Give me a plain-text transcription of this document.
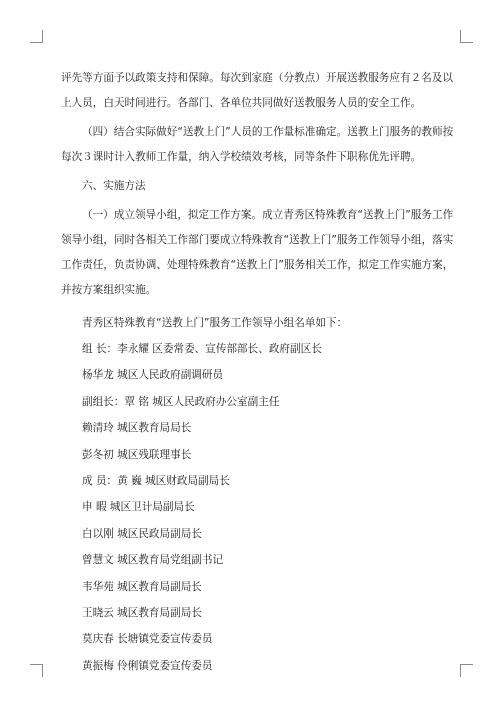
评先等方面予以政策支持和保障。每次到家庭（分教点）开展送教服务应有２名及以

上人员，白天时间进行。各部门、各单位共同做好送教服务人员的安全工作。

（四）结合实际做好“送教上门”人员的工作量标准确定。送教上门服务的教师按

每次３课时计入教师工作量，纳入学校绩效考核，同等条件下职称优先评聘。

六、实施方法

（一）成立领导小组，拟定工作方案。成立青秀区特殊教育“送教上门”服务工作

领导小组，同时各相关工作部门要成立特殊教育“送教上门”服务工作领导小组，落实

工作责任，负责协调、处理特殊教育“送教上门”服务相关工作，拟定工作实施方案，

并按方案组织实施。

青秀区特殊教育“送教上门”服务工作领导小组名单如下：

组 长：李永耀 区委常委、宣传部部长、政府副区长

杨华龙 城区人民政府副调研员

副组长：覃 铭 城区人民政府办公室副主任

赖清玲 城区教育局局长

彭冬初 城区残联理事长

成 员：黄 巍 城区财政局副局长

申 暇 城区卫计局副局长

白以刚 城区民政局副局长

曾慧文 城区教育局党组副书记

韦华苑 城区教育局副局长

王晓云 城区教育局副局长

莫庆春 长塘镇党委宣传委员

黄振梅 伶俐镇党委宣传委员
